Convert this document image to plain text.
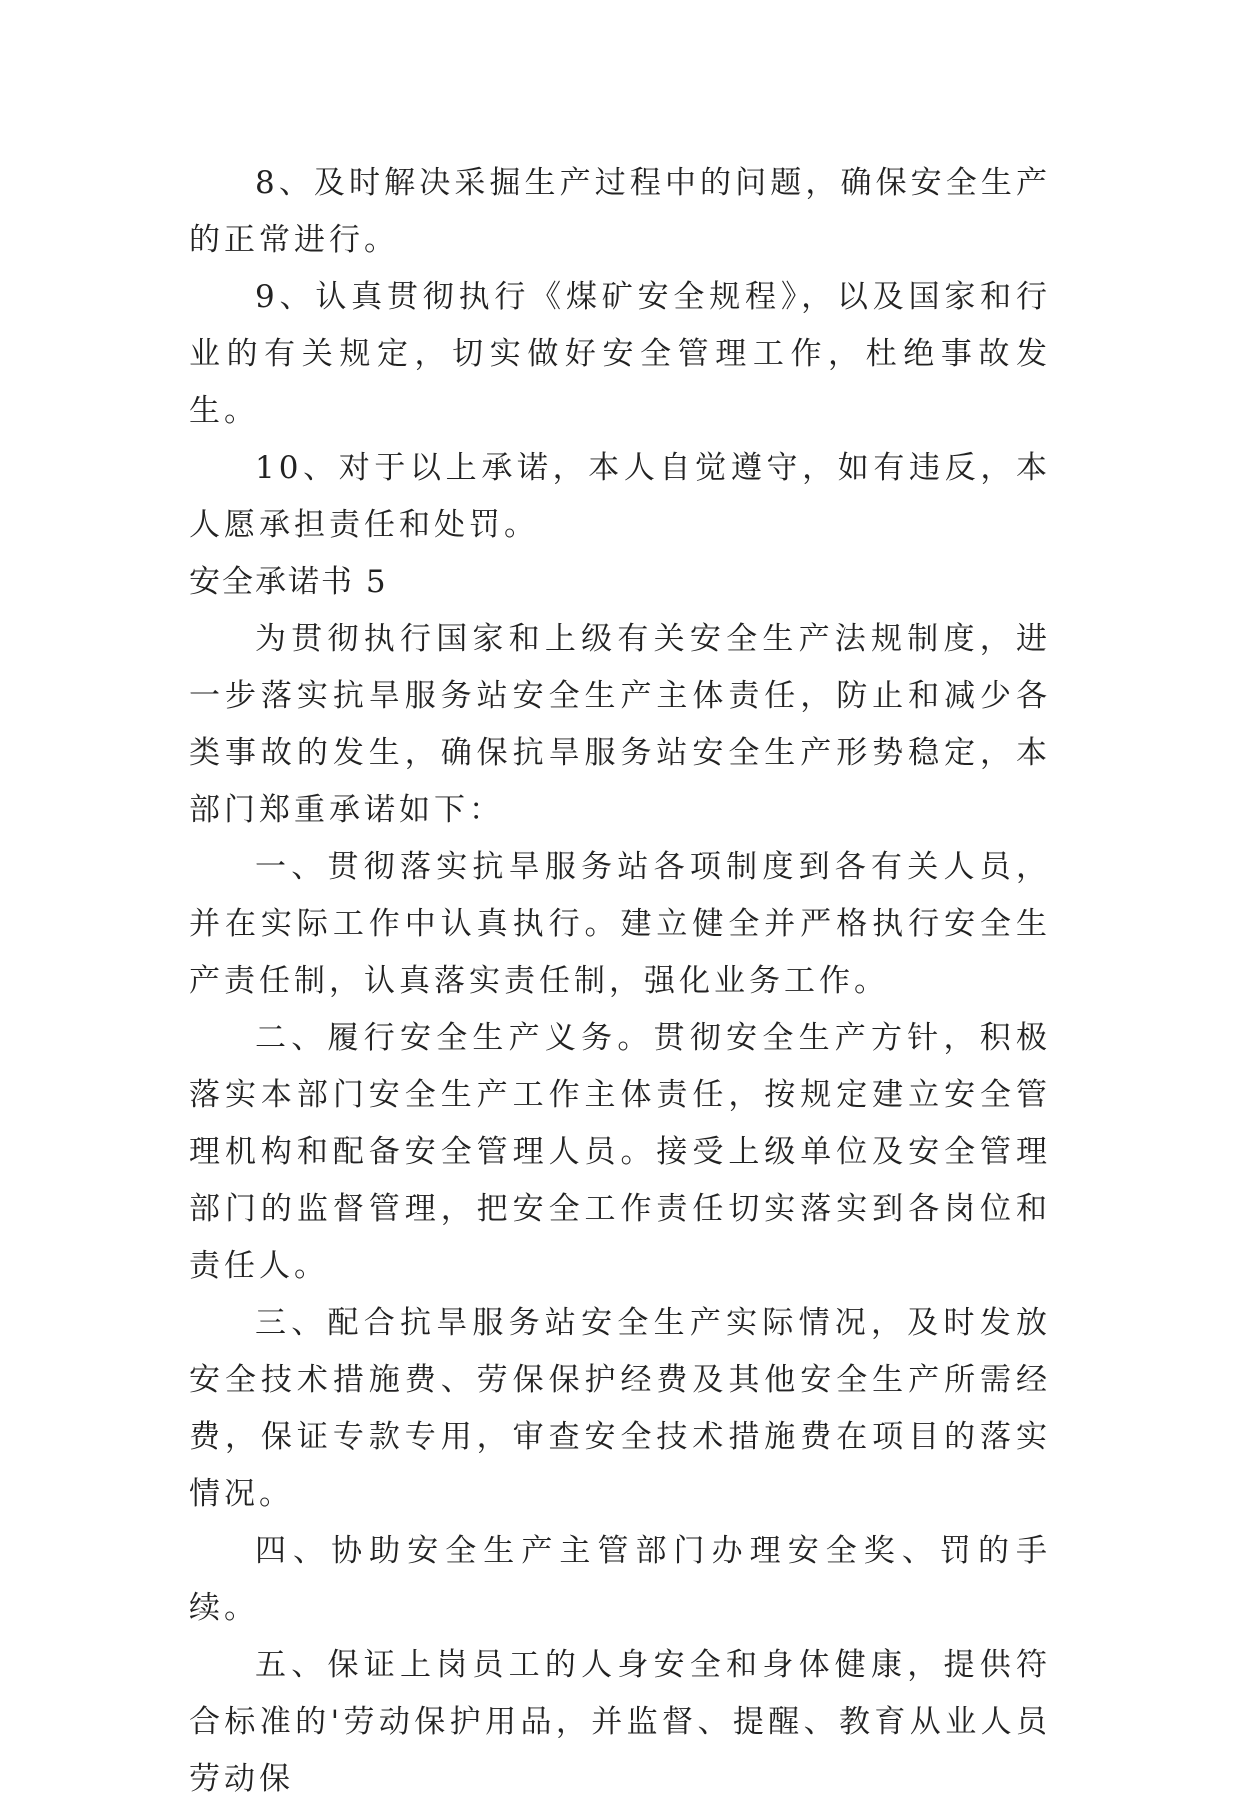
8、及时解决采掘生产过程中的问题，确保安全生产的正常进行。

9、认真贯彻执行《煤矿安全规程》，以及国家和行业的有关规定，切实做好安全管理工作，杜绝事故发生。

10、对于以上承诺，本人自觉遵守，如有违反，本人愿承担责任和处罚。

安全承诺书 5

为贯彻执行国家和上级有关安全生产法规制度，进一步落实抗旱服务站安全生产主体责任，防止和减少各类事故的发生，确保抗旱服务站安全生产形势稳定，本部门郑重承诺如下：

一、贯彻落实抗旱服务站各项制度到各有关人员，并在实际工作中认真执行。建立健全并严格执行安全生产责任制，认真落实责任制，强化业务工作。

二、履行安全生产义务。贯彻安全生产方针，积极落实本部门安全生产工作主体责任，按规定建立安全管理机构和配备安全管理人员。接受上级单位及安全管理部门的监督管理，把安全工作责任切实落实到各岗位和责任人。

三、配合抗旱服务站安全生产实际情况，及时发放安全技术措施费、劳保保护经费及其他安全生产所需经费，保证专款专用，审查安全技术措施费在项目的落实情况。

四、协助安全生产主管部门办理安全奖、罚的手续。

五、保证上岗员工的人身安全和身体健康，提供符合标准的'劳动保护用品，并监督、提醒、教育从业人员劳动保
